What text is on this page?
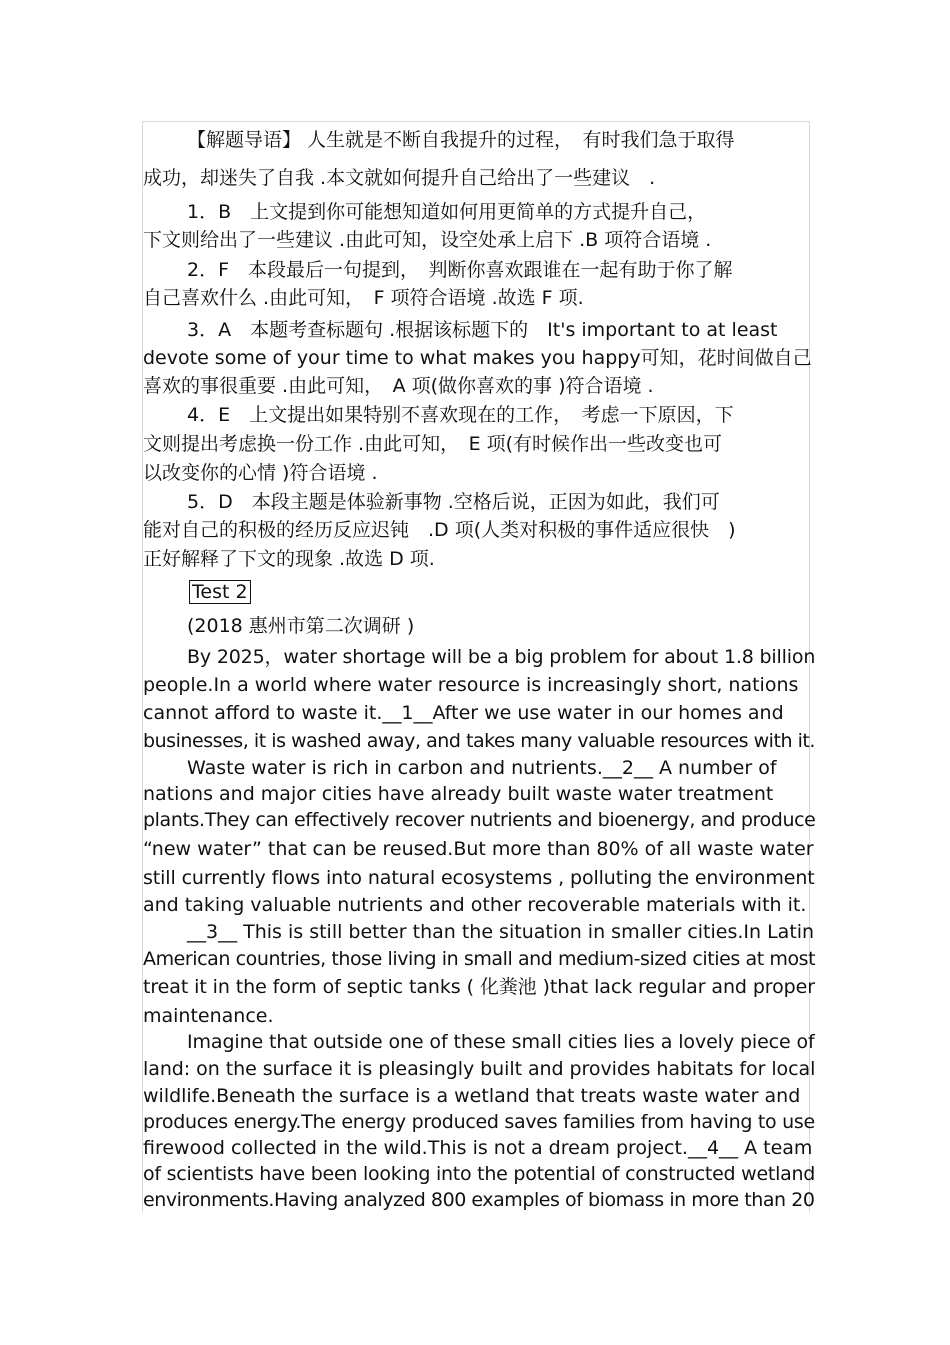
【解题导语】 人生就是不断自我提升的过程，　有时我们急于取得
成功，却迷失了自我 .本文就如何提升自己给出了一些建议　.
1．B　上文提到你可能想知道如何用更简单的方式提升自己，
下文则给出了一些建议 .由此可知，设空处承上启下 .B 项符合语境 .
2．F　本段最后一句提到，　判断你喜欢跟谁在一起有助于你了解
自己喜欢什么 .由此可知，　F 项符合语境 .故选 F 项.
3．A　本题考查标题句 .根据该标题下的　It's important to at least
devote some of your time to what makes you happy可知，花时间做自己
喜欢的事很重要 .由此可知，　A 项(做你喜欢的事 )符合语境 .
4．E　上文提出如果特别不喜欢现在的工作，　考虑一下原因，下
文则提出考虑换一份工作 .由此可知，　E 项(有时候作出一些改变也可
以改变你的心情 )符合语境 .
5．D　本段主题是体验新事物 .空格后说，正因为如此，我们可
能对自己的积极的经历反应迟钝　.D 项(人类对积极的事件适应很快　)
正好解释了下文的现象 .故选 D 项.
Test 2
(2018 惠州市第二次调研 )
By 2025，water shortage will be a big problem for about 1.8 billion
people.In a world where water resource is increasingly short, nations
cannot afford to waste it.__1__After we use water in our homes and
businesses, it is washed away, and takes many valuable resources with it.
Waste water is rich in carbon and nutrients.__2__ A number of
nations and major cities have already built waste water treatment
plants.They can effectively recover nutrients and bioenergy, and produce
“new water” that can be reused.But more than 80% of all waste water
still currently flows into natural ecosystems , polluting the environment
and taking valuable nutrients and other recoverable materials with it.
__3__ This is still better than the situation in smaller cities.In Latin
American countries, those living in small and medium-sized cities at most
treat it in the form of septic tanks ( 化粪池 )that lack regular and proper
maintenance.
Imagine that outside one of these small cities lies a lovely piece of
land: on the surface it is pleasingly built and provides habitats for local
wildlife.Beneath the surface is a wetland that treats waste water and
produces energy.The energy produced saves families from having to use
firewood collected in the wild.This is not a dream project.__4__ A team
of scientists have been looking into the potential of constructed wetland
environments.Having analyzed 800 examples of biomass in more than 20
